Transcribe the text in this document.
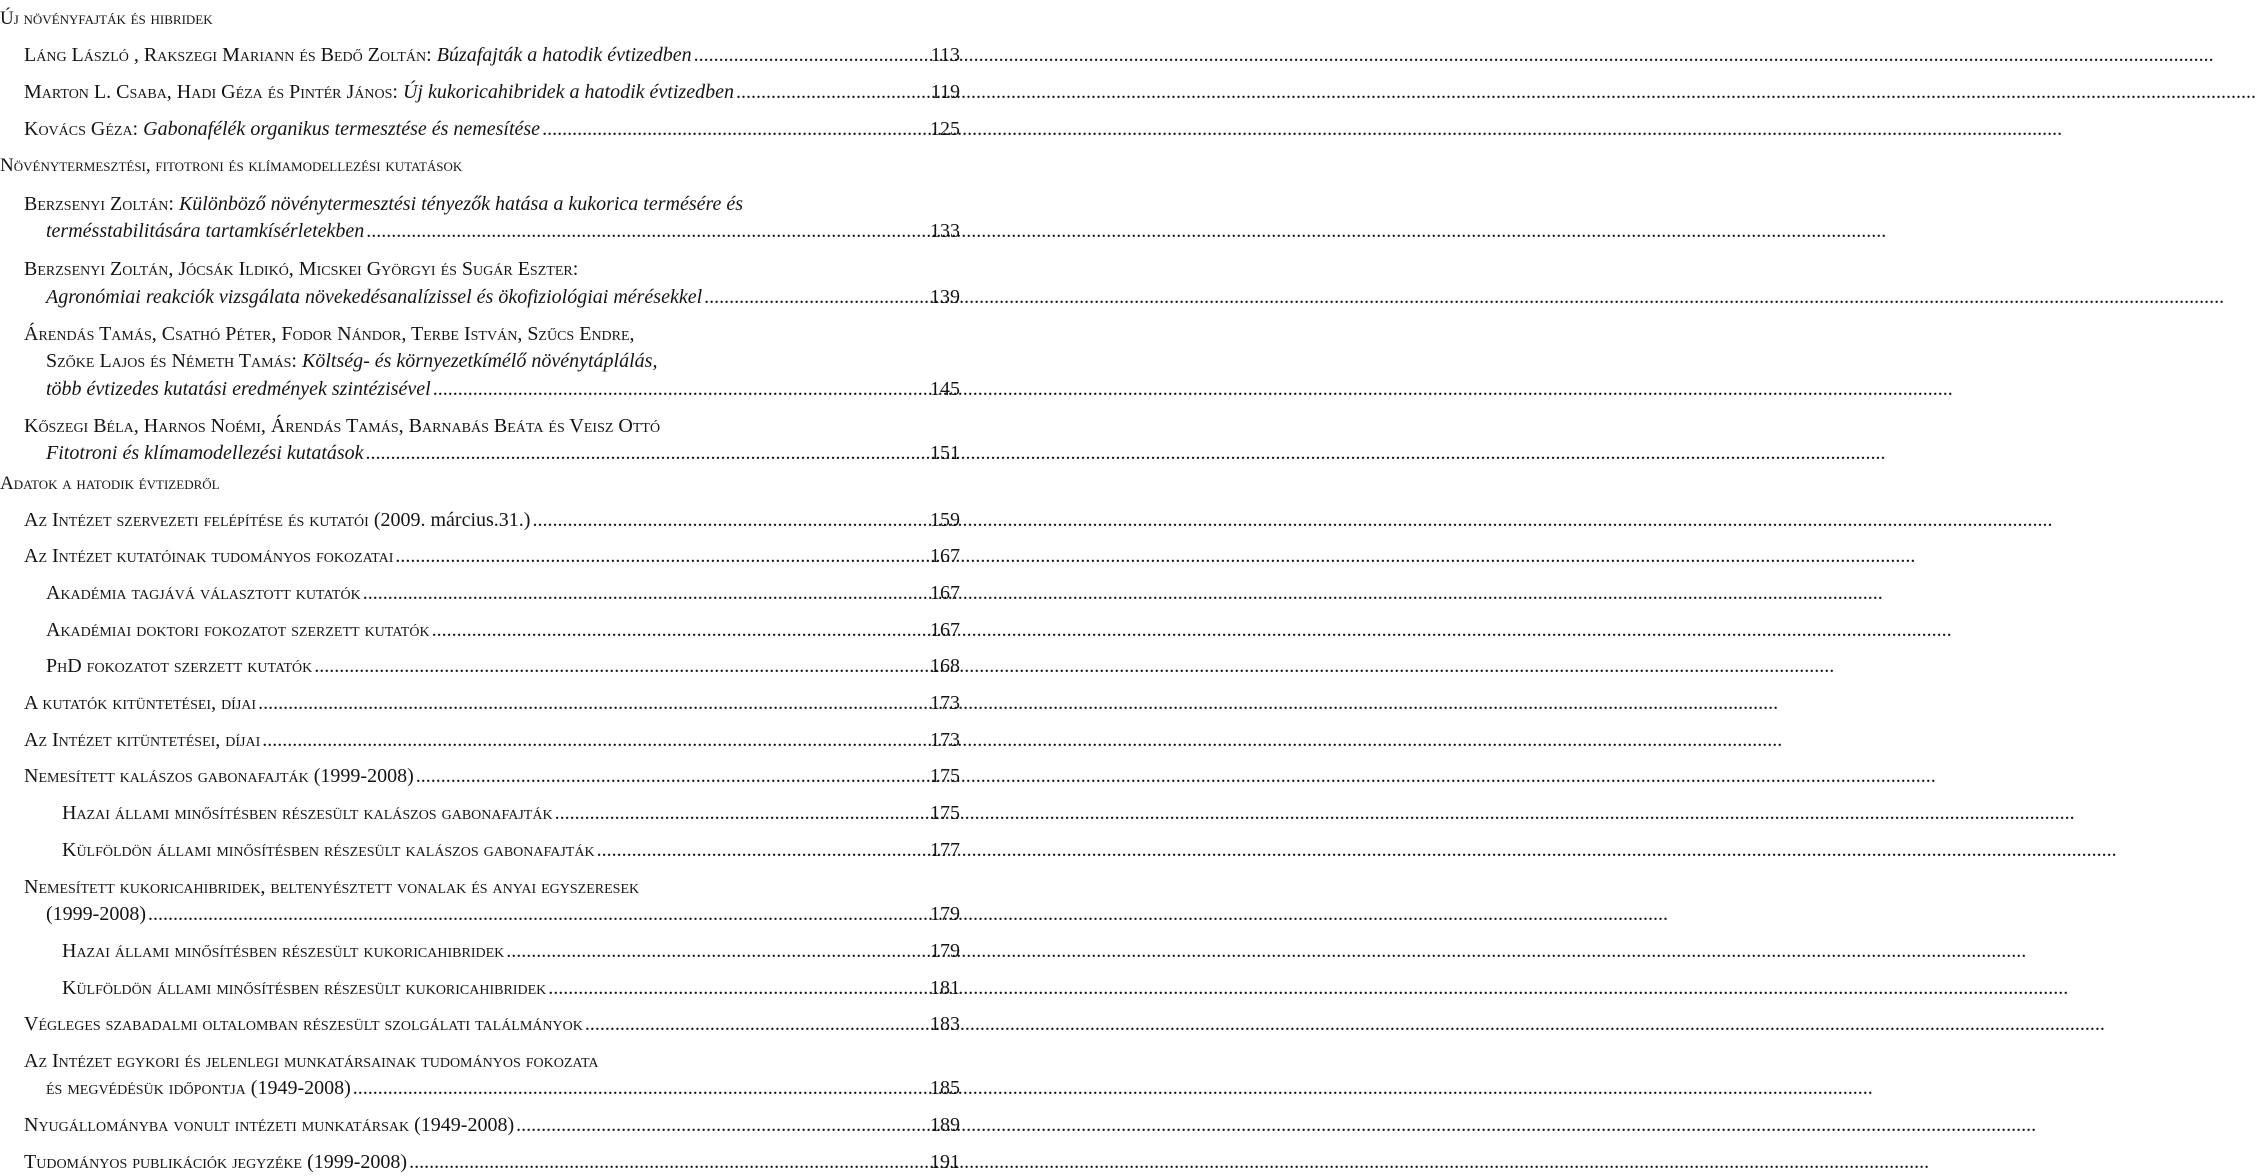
Új növényfajták és hibridek
Láng László , Rakszegi Mariann és Bedő Zoltán: Búzafajták a hatodik évtizedben .....	113
Marton L. Csaba, Hadi Géza és Pintér János: Új kukoricahibridek a hatodik évtizedben .....	119
Kovács Géza: Gabonafélék organikus termesztése és nemesítése .....	125
Növénytermesztési, fitotroni és klímamodellezési kutatások
Berzsenyi Zoltán: Különböző növénytermesztési tényezők hatása a kukorica termésére és
termésstabilitására tartamkísérletekben .....	133
Berzsenyi Zoltán, Jócsák Ildikó, Micskei Györgyi és Sugár Eszter:
Agronómiai reakciók vizsgálata növekedésanalízissel és ökofiziológiai mérésekkel .....	139
Árendás Tamás, Csathó Péter, Fodor Nándor, Terbe István, Szűcs Endre,
Szőke Lajos és Németh Tamás: Költség- és környezetkímélő növénytáplálás,
több évtizedes kutatási eredmények szintézisével .....	145
Kőszegi Béla, Harnos Noémi, Árendás Tamás, Barnabás Beáta és Veisz Ottó
Fitotroni és klímamodellezési kutatások .....	151
Adatok a hatodik évtizedről
Az Intézet szervezeti felépítése és kutatói (2009. március.31.) .....	159
Az Intézet kutatóinak tudományos fokozatai .....	167
Akadémia tagjává választott kutatók .....	167
Akadémiai doktori fokozatot szerzett kutatók .....	167
PhD fokozatot szerzett kutatók .....	168
A kutatók kitüntetései, díjai .....	173
Az Intézet kitüntetései, díjai .....	173
Nemesített kalászos gabonafajták (1999-2008) .....	175
Hazai állami minősítésben részesült kalászos gabonafajták .....	175
Külföldön állami minősítésben részesült kalászos gabonafajták .....	177
Nemesített kukoricahibridek, beltenyésztett vonalak és anyai egyszeresek
(1999-2008) .....	179
Hazai állami minősítésben részesült kukoricahibridek .....	179
Külföldön állami minősítésben részesült kukoricahibridek .....	181
Végleges szabadalmi oltalomban részesült szolgálati találmányok .....	183
Az Intézet egykori és jelenlegi munkatársainak tudományos fokozata
és megvédésük időpontja (1949-2008) .....	185
Nyugállományba vonult intézeti munkatársak (1949-2008) .....	189
Tudományos publikációk jegyzéke (1999-2008) .....	191
